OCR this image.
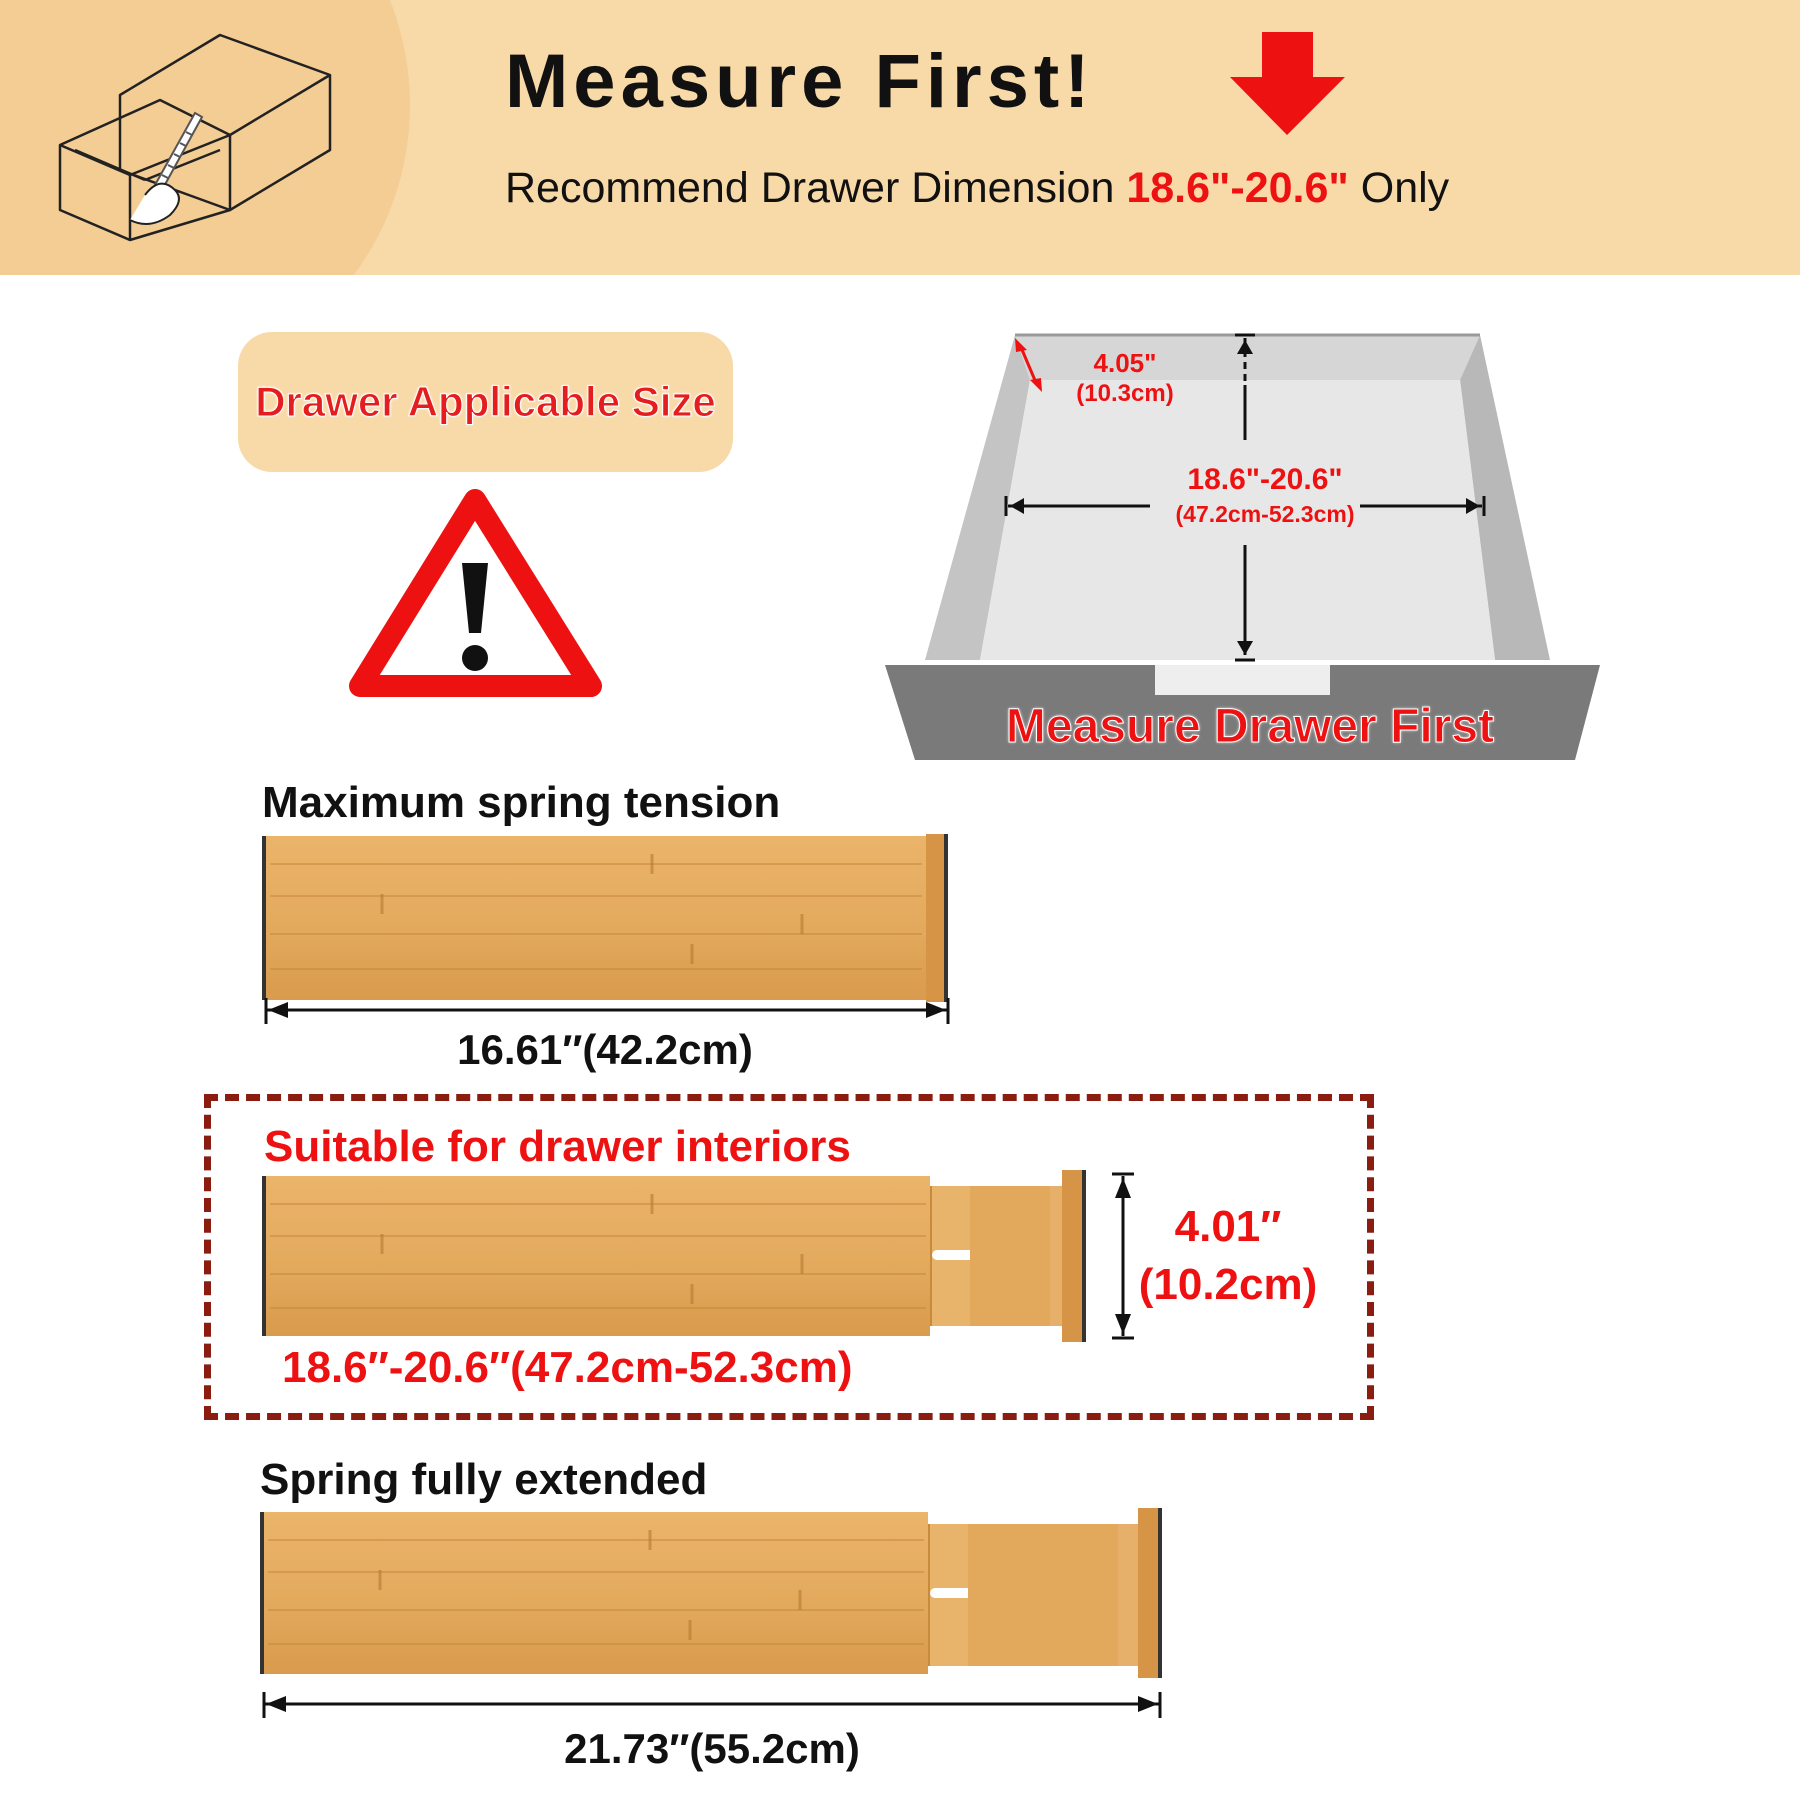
Measure First!
Recommend Drawer Dimension 18.6"-20.6" Only
Drawer Applicable Size
4.05"
(10.3cm)
18.6"-20.6"
(47.2cm-52.3cm)
Measure Drawer First
Maximum spring tension
16.61″(42.2cm)
Suitable for drawer interiors
4.01″
(10.2cm)
18.6″-20.6″(47.2cm-52.3cm)
Spring fully extended
21.73″(55.2cm)
